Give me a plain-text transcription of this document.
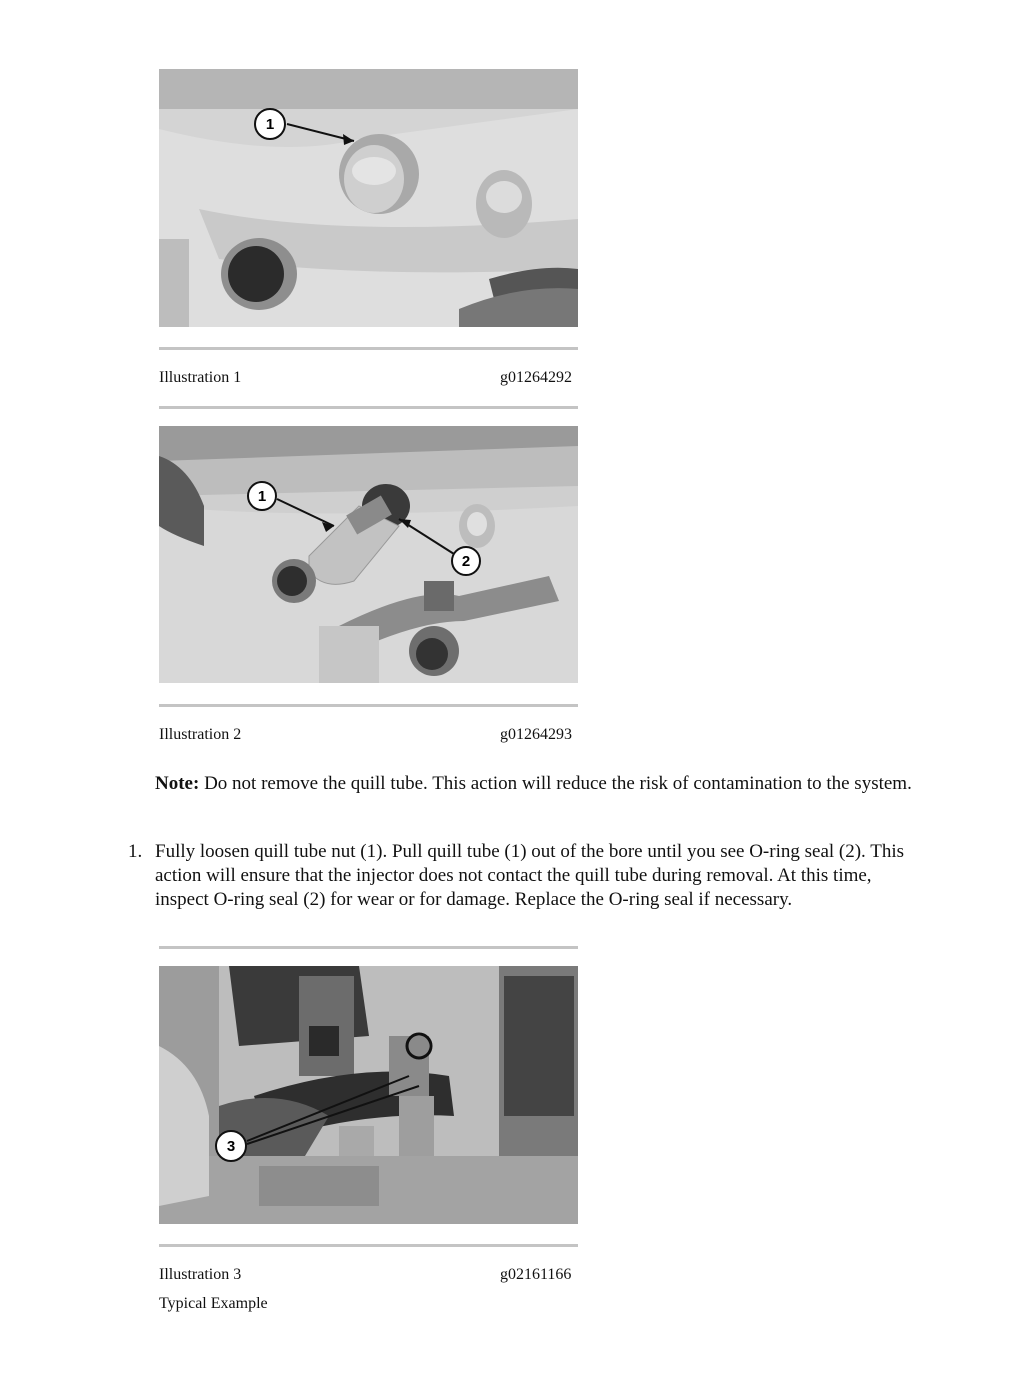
1
Illustration 1	g01264292
1
2
Illustration 2	g01264293
Note: Do not remove the quill tube. This action will reduce the risk of contamination to the system.
1. Fully loosen quill tube nut (1). Pull quill tube (1) out of the bore until you see O-ring seal (2). This action will ensure that the injector does not contact the quill tube during removal. At this time, inspect O-ring seal (2) for wear or for damage. Replace the O-ring seal if necessary.
3
Illustration 3	g02161166
Typical Example
